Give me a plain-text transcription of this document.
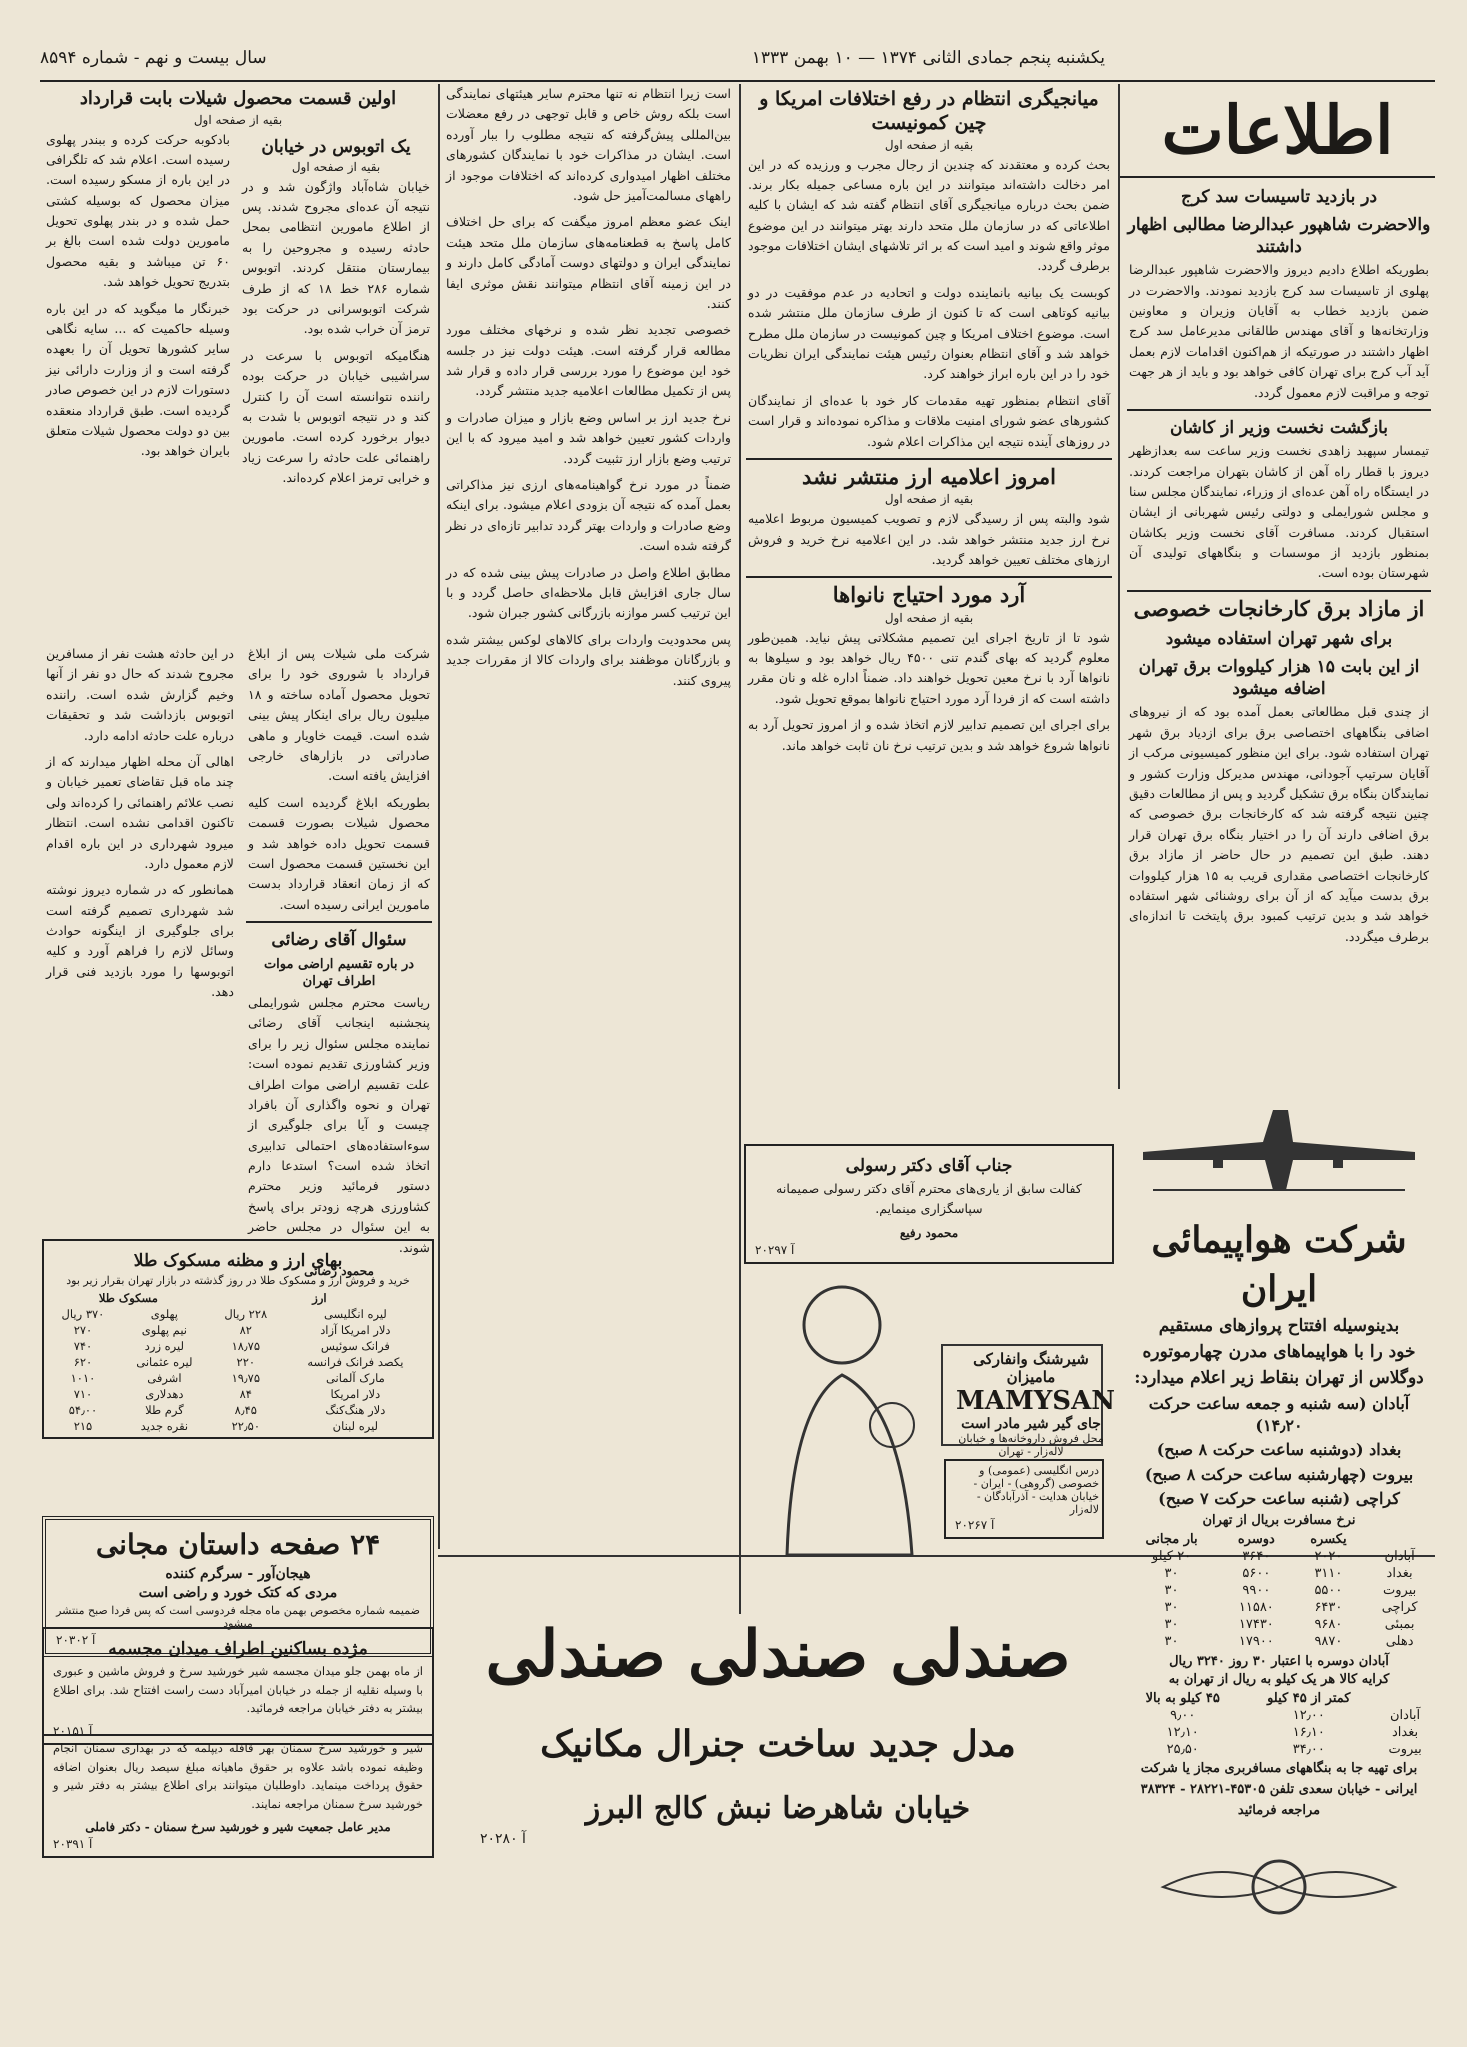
یکشنبه پنجم جمادی الثانی ۱۳۷۴ — ۱۰ بهمن ۱۳۳۳
سال بیست و نهم - شماره ۸۵۹۴
اطلاعات
در بازدید تاسیسات سد کرج
والاحضرت شاهپور عبدالرضا مطالبی اظهار داشتند

بطوریکه اطلاع دادیم دیروز والاحضرت شاهپور عبدالرضا پهلوی از تاسیسات سد کرج بازدید نمودند. والاحضرت در ضمن بازدید خطاب به آقایان وزیران و معاونین وزارتخانه‌ها و آقای مهندس طالقانی مدیرعامل سد کرج اظهار داشتند در صورتیکه از هم‌اکنون اقدامات لازم بعمل آید آب کرج برای تهران کافی خواهد بود و باید از هر جهت توجه و مراقبت لازم معمول گردد.

بازگشت نخست وزیر از کاشان

تیمسار سپهبد زاهدی نخست وزیر ساعت سه بعدازظهر دیروز با قطار راه آهن از کاشان بتهران مراجعت کردند. در ایستگاه راه آهن عده‌ای از وزراء، نمایندگان مجلس سنا و مجلس شورایملی و دولتی رئیس شهربانی از ایشان استقبال کردند. مسافرت آقای نخست وزیر بکاشان بمنظور بازدید از موسسات و بنگاههای تولیدی آن شهرستان بوده است.

از مازاد برق کارخانجات خصوصی
برای شهر تهران استفاده میشود
از این بابت ۱۵ هزار کیلووات برق تهران اضافه میشود

از چندی قبل مطالعاتی بعمل آمده بود که از نیروهای اضافی بنگاههای اختصاصی برق برای ازدیاد برق شهر تهران استفاده شود. برای این منظور کمیسیونی مرکب از آقایان سرتیپ آجودانی، مهندس مدیرکل وزارت کشور و نمایندگان بنگاه برق تشکیل گردید و پس از مطالعات دقیق چنین نتیجه گرفته شد که کارخانجات برق خصوصی که برق اضافی دارند آن را در اختیار بنگاه برق تهران قرار دهند. طبق این تصمیم در حال حاضر از مازاد برق کارخانجات اختصاصی مقداری قریب به ۱۵ هزار کیلووات برق بدست میآید که از آن برای روشنائی شهر استفاده خواهد شد و بدین ترتیب کمبود برق پایتخت تا اندازه‌ای برطرف میگردد.

شرکت هواپیمائی ایران
بدینوسیله افتتاح پروازهای مستقیم
خود را با هواپیماهای مدرن چهارموتوره
دوگلاس از تهران بنقاط زیر اعلام میدارد:
آبادان (سه شنبه و جمعه ساعت حرکت ۱۴٫۲۰)
بغداد (دوشنبه ساعت حرکت ۸ صبح)
بیروت (چهارشنبه ساعت حرکت ۸ صبح)
کراچی (شنبه ساعت حرکت ۷ صبح)
نرخ مسافرت بریال از تهران
	یکسره	دوسره	بار مجانی
آبادان	۲۰۲۰	۳۶۴۰	۲۰ کیلو
بغداد	۳۱۱۰	۵۶۰۰	۳۰
بیروت	۵۵۰۰	۹۹۰۰	۳۰
کراچی	۶۴۳۰	۱۱۵۸۰	۳۰
بمبئی	۹۶۸۰	۱۷۴۳۰	۳۰
دهلی	۹۸۷۰	۱۷۹۰۰	۳۰
آبادان دوسره با اعتبار ۳۰ روز ۳۲۴۰ ریال
کرایه کالا هر یک کیلو به ریال از تهران به
	کمتر از ۴۵ کیلو	۴۵ کیلو به بالا
آبادان	۱۲٫۰۰	۹٫۰۰
بغداد	۱۶٫۱۰	۱۲٫۱۰
بیروت	۳۴٫۰۰	۲۵٫۵۰

برای تهیه جا به بنگاههای مسافربری مجاز یا شرکت ایرانی - خیابان سعدی تلفن ۴۵۳۰۵-۲۸۲۲۱ - ۳۸۳۲۴ مراجعه فرمائید

میانجیگری انتظام در رفع اختلافات امریکا و چین کمونیست
بقیه از صفحه اول

بحث کرده و معتقدند که چندین از رجال مجرب و ورزیده که در این امر دخالت داشته‌اند میتوانند در این باره مساعی جمیله بکار برند. ضمن بحث درباره میانجیگری آقای انتظام گفته شد که ایشان با کلیه اطلاعاتی که در سازمان ملل متحد دارند بهتر میتوانند در این موضوع موثر واقع شوند و امید است که بر اثر تلاشهای ایشان اختلافات موجود برطرف گردد.

کوبست یک بیانیه بانماینده دولت و اتحادیه در عدم موفقیت در دو بیانیه کوتاهی است که تا کنون از طرف سازمان ملل منتشر شده است. موضوع اختلاف امریکا و چین کمونیست در سازمان ملل مطرح خواهد شد و آقای انتظام بعنوان رئیس هیئت نمایندگی ایران نظریات خود را در این باره ابراز خواهند کرد.

آقای انتظام بمنظور تهیه مقدمات کار خود با عده‌ای از نمایندگان کشورهای عضو شورای امنیت ملاقات و مذاکره نموده‌اند و قرار است در روزهای آینده نتیجه این مذاکرات اعلام شود.

امروز اعلامیه ارز منتشر نشد
بقیه از صفحه اول

شود والبته پس از رسیدگی لازم و تصویب کمیسیون مربوط اعلامیه نرخ ارز جدید منتشر خواهد شد. در این اعلامیه نرخ خرید و فروش ارزهای مختلف تعیین خواهد گردید.

آرد مورد احتیاج نانواها
بقیه از صفحه اول

شود تا از تاریخ اجرای این تصمیم مشکلاتی پیش نیاید. همین‌طور معلوم گردید که بهای گندم تنی ۴۵۰۰ ریال خواهد بود و سیلوها به نانواها آرد با نرخ معین تحویل خواهند داد. ضمناً اداره غله و نان مقرر داشته است که از فردا آرد مورد احتیاج نانواها بموقع تحویل شود.

برای اجرای این تصمیم تدابیر لازم اتخاذ شده و از امروز تحویل آرد به نانواها شروع خواهد شد و بدین ترتیب نرخ نان ثابت خواهد ماند.

است زیرا انتظام نه تنها محترم سایر هیئتهای نمایندگی است بلکه روش خاص و قابل توجهی در رفع معضلات بین‌المللی پیش‌گرفته که نتیجه مطلوب را ببار آورده است. ایشان در مذاکرات خود با نمایندگان کشورهای مختلف اظهار امیدواری کرده‌اند که اختلافات موجود از راههای مسالمت‌آمیز حل شود.

اینک عضو معظم امروز میگفت که برای حل اختلاف کامل پاسخ به قطعنامه‌های سازمان ملل متحد هیئت نمایندگی ایران و دولتهای دوست آمادگی کامل دارند و در این زمینه آقای انتظام میتوانند نقش موثری ایفا کنند.

خصوصی تجدید نظر شده و نرخهای مختلف مورد مطالعه قرار گرفته است. هیئت دولت نیز در جلسه خود این موضوع را مورد بررسی قرار داده و قرار شد پس از تکمیل مطالعات اعلامیه جدید منتشر گردد.

نرخ جدید ارز بر اساس وضع بازار و میزان صادرات و واردات کشور تعیین خواهد شد و امید میرود که با این ترتیب وضع بازار ارز تثبیت گردد.

ضمناً در مورد نرخ گواهینامه‌های ارزی نیز مذاکراتی بعمل آمده که نتیجه آن بزودی اعلام میشود. برای اینکه وضع صادرات و واردات بهتر گردد تدابیر تازه‌ای در نظر گرفته شده است.

مطابق اطلاع واصل در صادرات پیش بینی شده که در سال جاری افزایش قابل ملاحظه‌ای حاصل گردد و با این ترتیب کسر موازنه بازرگانی کشور جبران شود.

پس محدودیت واردات برای کالاهای لوکس بیشتر شده و بازرگانان موظفند برای واردات کالا از مقررات جدید پیروی کنند.

جناب آقای دکتر رسولی

کفالت سابق از یاری‌های محترم آقای دکتر رسولی صمیمانه سپاسگزاری مینمایم.

محمود رفیع
آ ۲۰۲۹۷
شیرشنگ وانفارکی مامیزان
MAMYSAN
جای گیر شیر مادر است
محل فروش داروخانه‌ها و خیابان لاله‌زار - تهران
درس انگلیسی (عمومی) و خصوصی (گروهی) - ایران - خیابان هدایت - آذرآبادگان - لاله‌زار
آ ۲۰۲۶۷
اولین قسمت محصول شیلات بابت قرارداد
بقیه از صفحه اول
یک اتوبوس در خیابان
بقیه از صفحه اول

خیابان شاه‌آباد واژگون شد و در نتیجه آن عده‌ای مجروح شدند. پس از اطلاع مامورین انتظامی بمحل حادثه رسیده و مجروحین را به بیمارستان منتقل کردند. اتوبوس شماره ۲۸۶ خط ۱۸ که از طرف شرکت اتوبوسرانی در حرکت بود ترمز آن خراب شده بود.

هنگامیکه اتوبوس با سرعت در سراشیبی خیابان در حرکت بوده راننده نتوانسته است آن را کنترل کند و در نتیجه اتوبوس با شدت به دیوار برخورد کرده است. مامورین راهنمائی علت حادثه را سرعت زیاد و خرابی ترمز اعلام کرده‌اند.

بادکوبه حرکت کرده و ببندر پهلوی رسیده است. اعلام شد که تلگرافی در این باره از مسکو رسیده است. میزان محصول که بوسیله کشتی حمل شده و در بندر پهلوی تحویل مامورین دولت شده است بالغ بر ۶۰ تن میباشد و بقیه محصول بتدریج تحویل خواهد شد.

خبرنگار ما میگوید که در این باره وسیله حاکمیت که ... سایه نگاهی سایر کشورها تحویل آن را بعهده گرفته است و از وزارت دارائی نیز دستورات لازم در این خصوص صادر گردیده است. طبق قرارداد منعقده بین دو دولت محصول شیلات متعلق بایران خواهد بود.

در این حادثه هشت نفر از مسافرین مجروح شدند که حال دو نفر از آنها وخیم گزارش شده است. راننده اتوبوس بازداشت شد و تحقیقات درباره علت حادثه ادامه دارد.

اهالی آن محله اظهار میدارند که از چند ماه قبل تقاضای تعمیر خیابان و نصب علائم راهنمائی را کرده‌اند ولی تاکنون اقدامی نشده است. انتظار میرود شهرداری در این باره اقدام لازم معمول دارد.

همانطور که در شماره دیروز نوشته شد شهرداری تصمیم گرفته است برای جلوگیری از اینگونه حوادث وسائل لازم را فراهم آورد و کلیه اتوبوسها را مورد بازدید فنی قرار دهد.

شرکت ملی شیلات پس از ابلاغ قرارداد با شوروی خود را برای تحویل محصول آماده ساخته و ۱۸ میلیون ریال برای اینکار پیش بینی شده است. قیمت خاویار و ماهی صادراتی در بازارهای خارجی افزایش یافته است.

بطوریکه ابلاغ گردیده است کلیه محصول شیلات بصورت قسمت قسمت تحویل داده خواهد شد و این نخستین قسمت محصول است که از زمان انعقاد قرارداد بدست مامورین ایرانی رسیده است.

سئوال آقای رضائی
در باره تقسیم اراضی موات اطراف تهران

ریاست محترم مجلس شورایملی پنجشنبه اینجانب آقای رضائی نماینده مجلس سئوال زیر را برای وزیر کشاورزی تقدیم نموده است: علت تقسیم اراضی موات اطراف تهران و نحوه واگذاری آن بافراد چیست و آیا برای جلوگیری از سوءاستفاده‌های احتمالی تدابیری اتخاذ شده است؟ استدعا دارم دستور فرمائید وزیر محترم کشاورزی هرچه زودتر برای پاسخ به این سئوال در مجلس حاضر شوند.

محمود رضائی
بهای ارز و مظنه مسکوک طلا
خرید و فروش ارز و مسکوک طلا در روز گذشته در بازار تهران بقرار زیر بود
ارز		مسکوک طلا	
لیره انگلیسی	۲۲۸ ریال	پهلوی	۳۷۰ ریال
دلار امریکا آزاد	۸۲	نیم پهلوی	۲۷۰
فرانک سوئیس	۱۸٫۷۵	لیره زرد	۷۴۰
یکصد فرانک فرانسه	۲۲۰	لیره عثمانی	۶۲۰
مارک آلمانی	۱۹٫۷۵	اشرفی	۱۰۱۰
دلار امریکا	۸۴	دهدلاری	۷۱۰
دلار هنگ‌کنگ	۸٫۴۵	گرم طلا	۵۴٫۰۰
لیره لبنان	۲۲٫۵۰	نقره جدید	۲۱۵
۲۴ صفحه داستان مجانی
هیجان‌آور - سرگرم کننده
مردی که کتک خورد و راضی است
ضمیمه شماره مخصوص بهمن ماه مجله فردوسی است که پس فردا صبح منتشر میشود
آ ۲۰۳۰۲ مژده بساکنین اطراف میدان مجسمه

از ماه بهمن جلو میدان مجسمه شیر خورشید سرخ و فروش ماشین و عبوری با وسیله نقلیه از جمله در خیابان امیرآباد دست راست افتتاح شد. برای اطلاع بیشتر به دفتر خیابان مراجعه فرمائید.

آ ۲۰۱۵۱

شیر و خورشید سرخ سمنان بهر قافله دیپلمه که در بهداری سمنان انجام وظیفه نموده باشد علاوه بر حقوق ماهیانه مبلغ سیصد ریال بعنوان اضافه حقوق پرداخت مینماید. داوطلبان میتوانند برای اطلاع بیشتر به دفتر شیر و خورشید سرخ سمنان مراجعه نمایند.

مدیر عامل جمعیت شیر و خورشید سرخ سمنان - دکتر فاملی
آ ۲۰۳۹۱
صندلی صندلی صندلی
مدل جدید ساخت جنرال مکانیک
خیابان شاهرضا نبش کالج البرز
آ ۲۰۲۸۰
